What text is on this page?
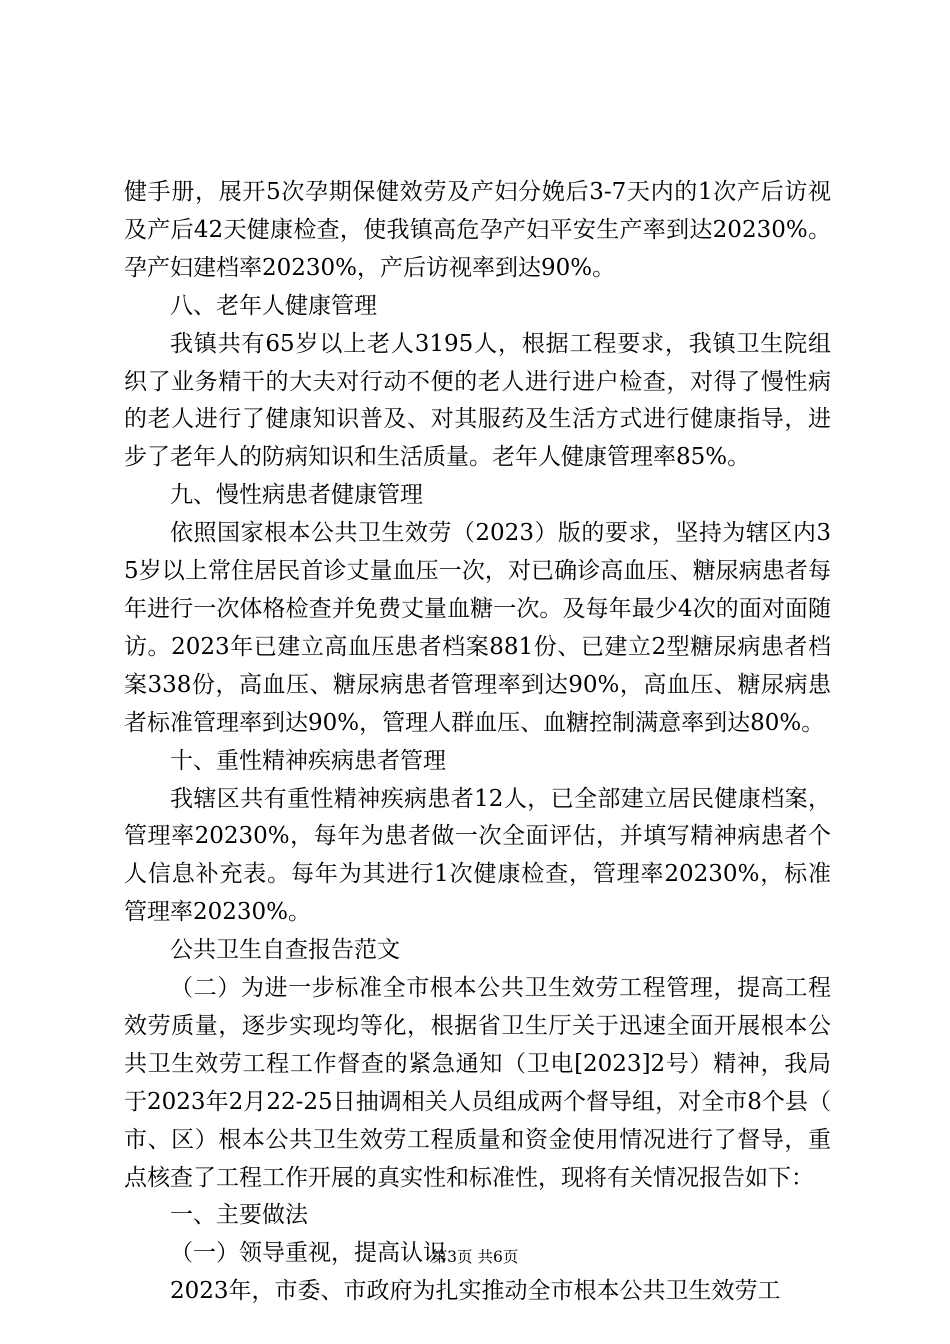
健手册，展开5次孕期保健效劳及产妇分娩后3-7天内的1次产后访视及产后42天健康检查，使我镇高危孕产妇平安生产率到达20230%。孕产妇建档率20230%，产后访视率到达90%。

八、老年人健康管理

我镇共有65岁以上老人3195人，根据工程要求，我镇卫生院组织了业务精干的大夫对行动不便的老人进行进户检查，对得了慢性病的老人进行了健康知识普及、对其服药及生活方式进行健康指导，进步了老年人的防病知识和生活质量。老年人健康管理率85%。

九、慢性病患者健康管理

依照国家根本公共卫生效劳（2023）版的要求，坚持为辖区内35岁以上常住居民首诊丈量血压一次，对已确诊高血压、糖尿病患者每年进行一次体格检查并免费丈量血糖一次。及每年最少4次的面对面随访。2023年已建立高血压患者档案881份、已建立2型糖尿病患者档案338份，高血压、糖尿病患者管理率到达90%，高血压、糖尿病患者标准管理率到达90%，管理人群血压、血糖控制满意率到达80%。

十、重性精神疾病患者管理

我辖区共有重性精神疾病患者12人，已全部建立居民健康档案，管理率20230%，每年为患者做一次全面评估，并填写精神病患者个人信息补充表。每年为其进行1次健康检查，管理率20230%，标准管理率20230%。

公共卫生自查报告范文

（二）为进一步标准全市根本公共卫生效劳工程管理，提高工程效劳质量，逐步实现均等化，根据省卫生厅关于迅速全面开展根本公共卫生效劳工程工作督查的紧急通知（卫电[2023]2号）精神，我局于2023年2月22-25日抽调相关人员组成两个督导组，对全市8个县（市、区）根本公共卫生效劳工程质量和资金使用情况进行了督导，重点核查了工程工作开展的真实性和标准性，现将有关情况报告如下：

一、主要做法

（一）领导重视，提高认识

2023年，市委、市政府为扎实推动全市根本公共卫生效劳工

第3页 共6页
